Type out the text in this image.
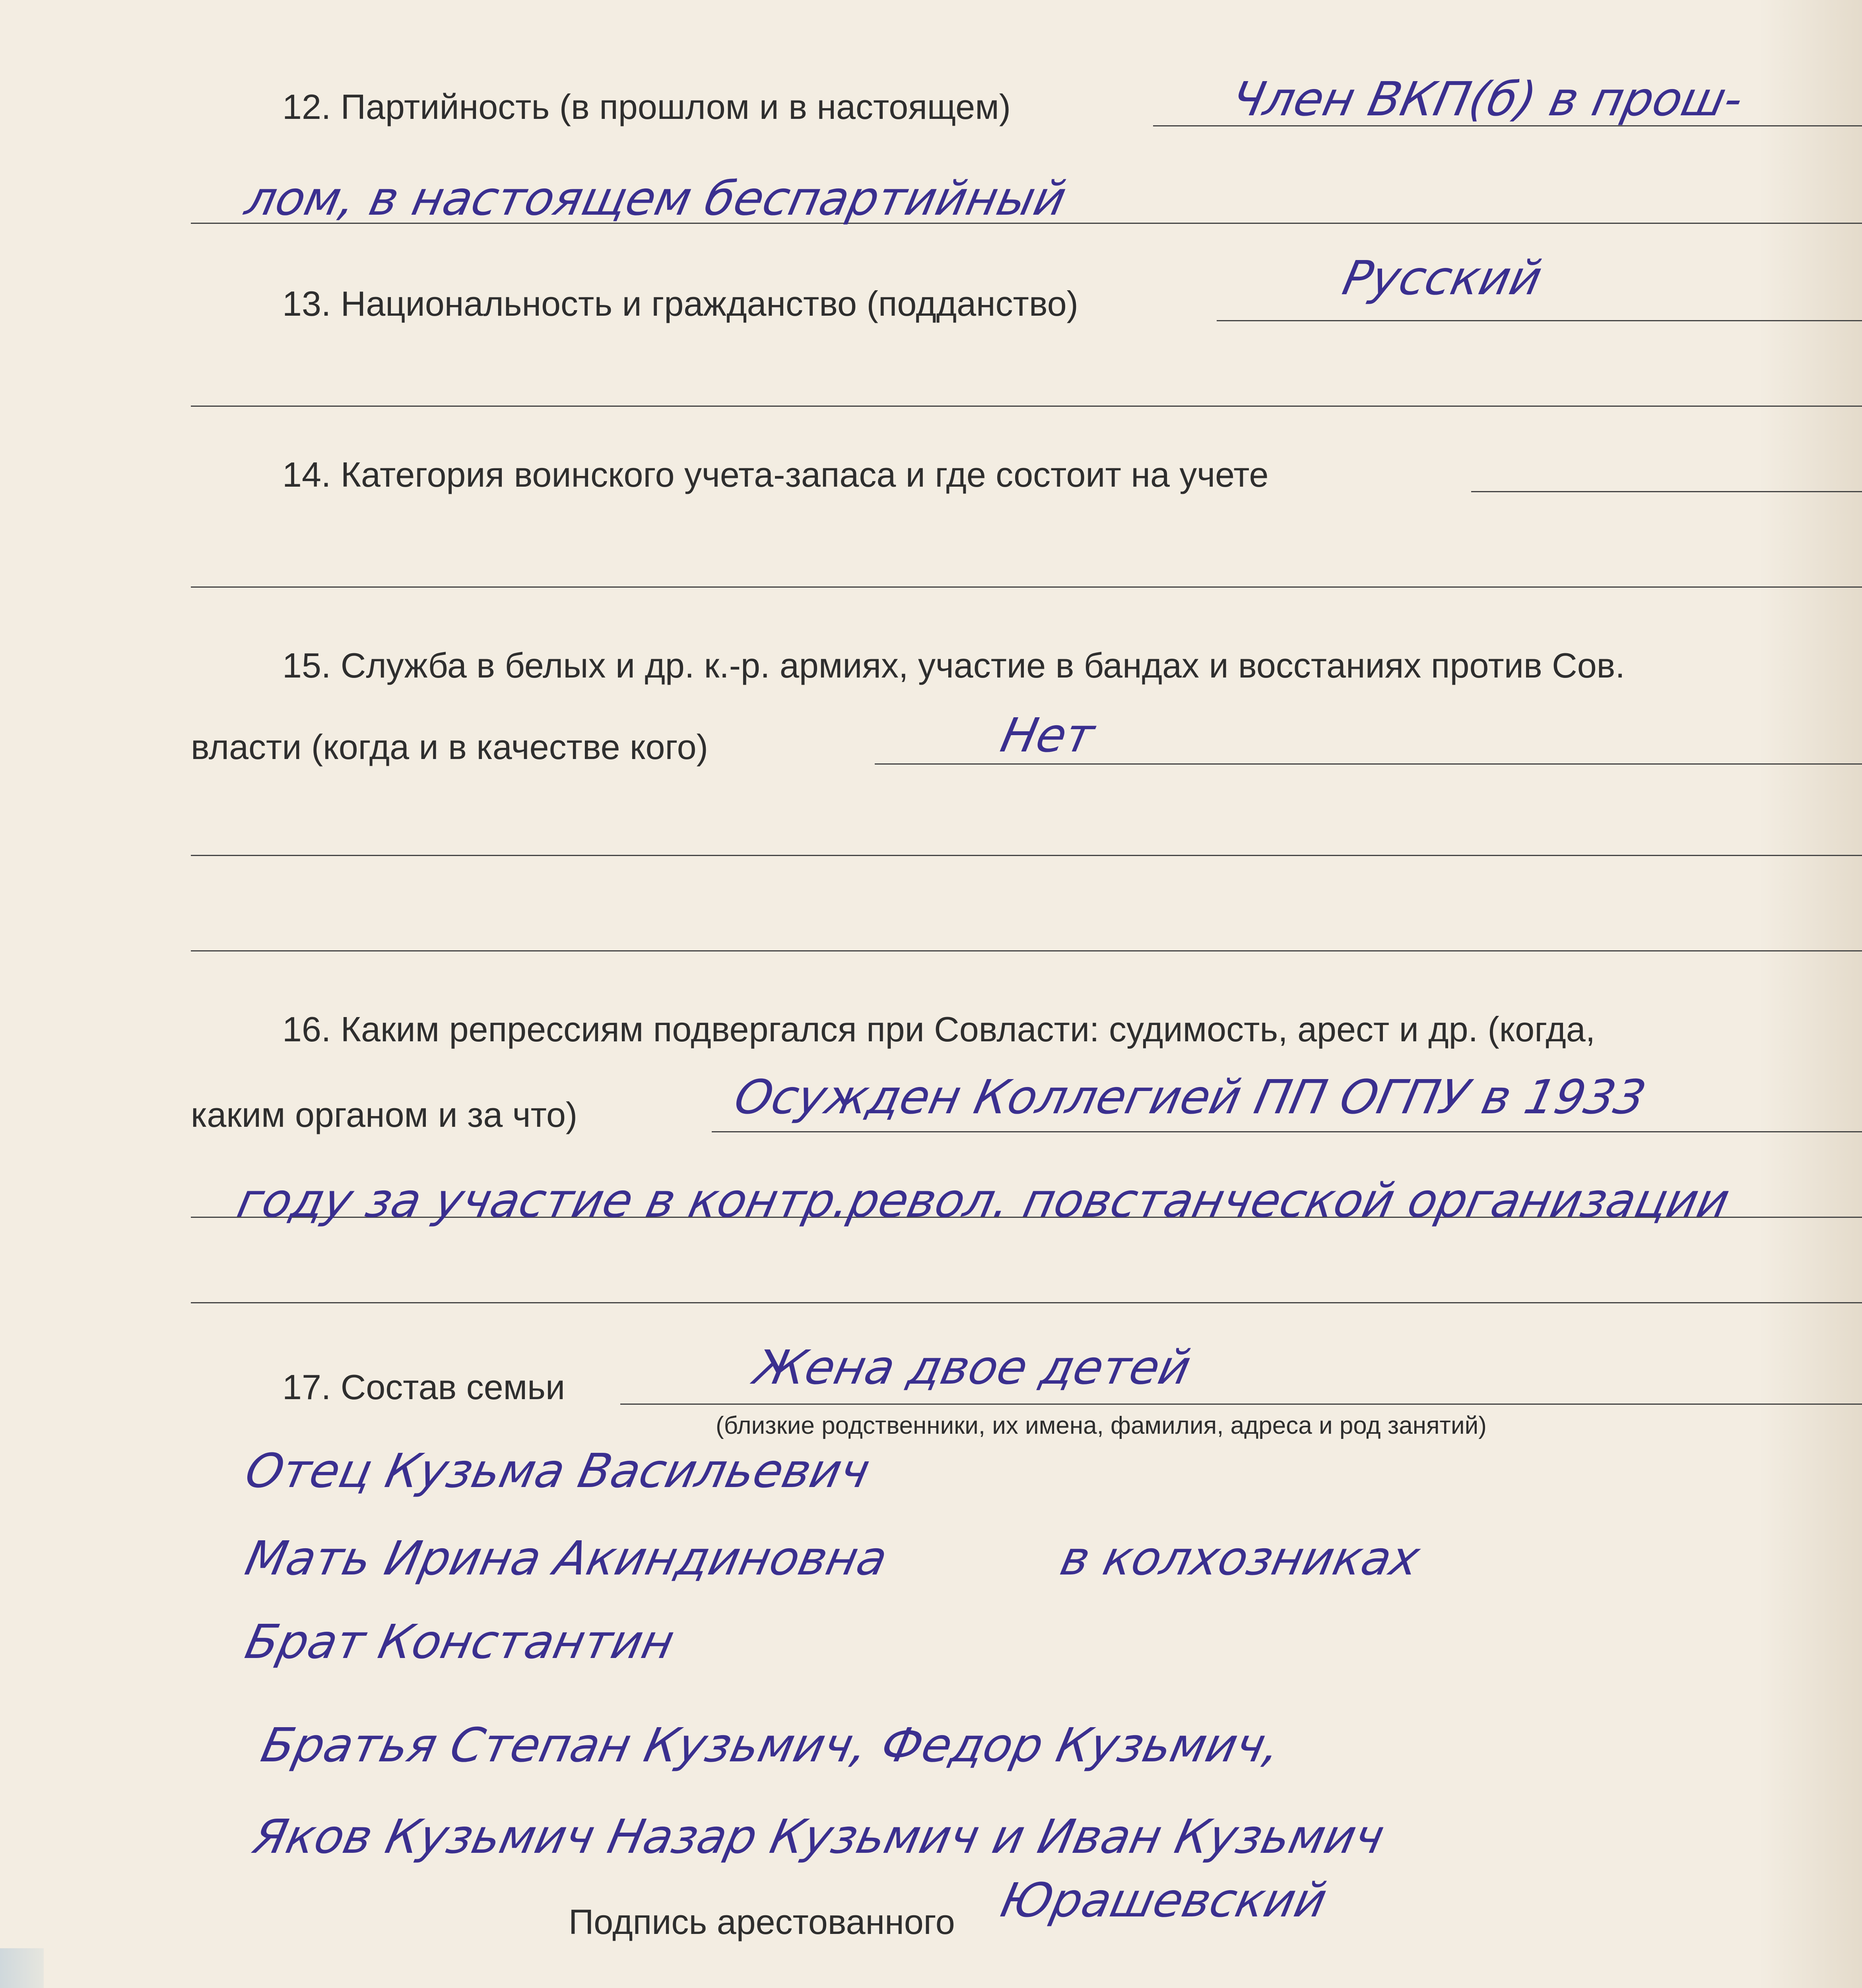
12. Партийность (в прошлом и в настоящем)	Член ВКП(б) в прош-
лом, в настоящем беспартийный
13. Национальность и гражданство (подданство)	Русский
14. Категория воинского учета-запаса и где состоит на учете
15. Служба в белых и др. к.-р. армиях, участие в бандах и восстаниях против Сов.
власти (когда и в качестве кого)	Нет
16. Каким репрессиям подвергался при Совласти: судимость, арест и др. (когда,
каким органом и за что)	Осужден Коллегией ПП ОГПУ в 1933
году за участие в контр.револ. повстанческой организации
17. Состав семьи	Жена двое детей
(близкие родственники, их имена, фамилия, адреса и род занятий)
Отец Кузьма Васильевич
Мать Ирина Акиндиновна	в колхозниках
Брат Константин
Братья Степан Кузьмич, Федор Кузьмич,
Яков Кузьмич Назар Кузьмич и Иван Кузьмич
Подпись арестованного Юрашевский
